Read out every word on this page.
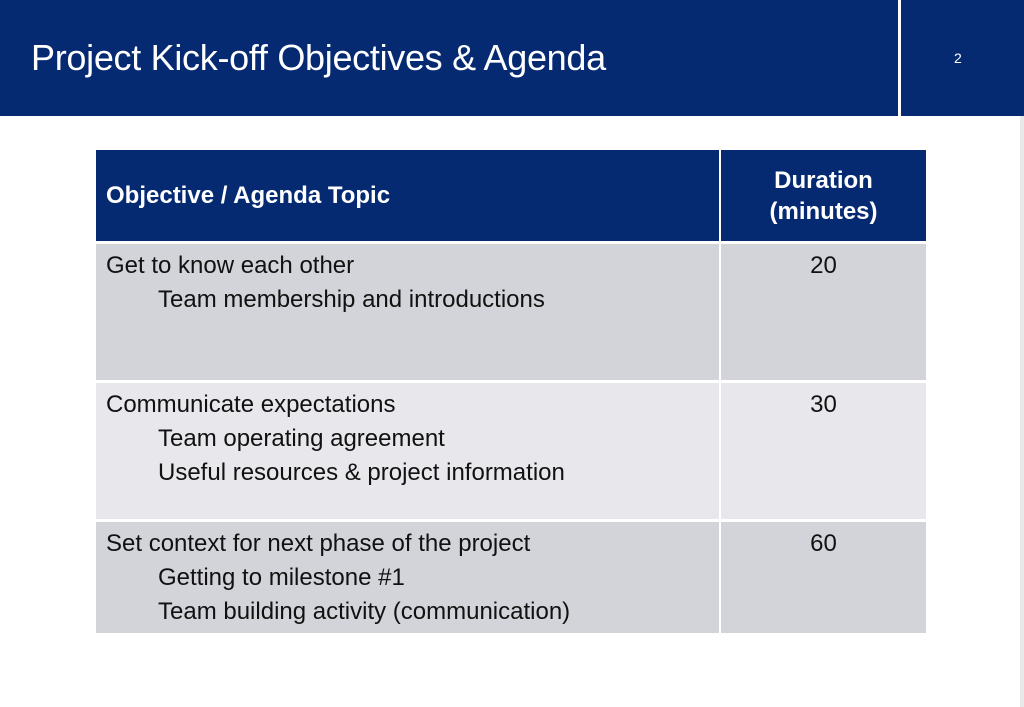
Project Kick-off Objectives & Agenda	2
Objective / Agenda Topic	Duration
(minutes)

Get to know each other
Team membership and introductions	20

Communicate expectations
Team operating agreement
Useful resources & project information	30

Set context for next phase of the project
Getting to milestone #1
Team building activity (communication)	60
